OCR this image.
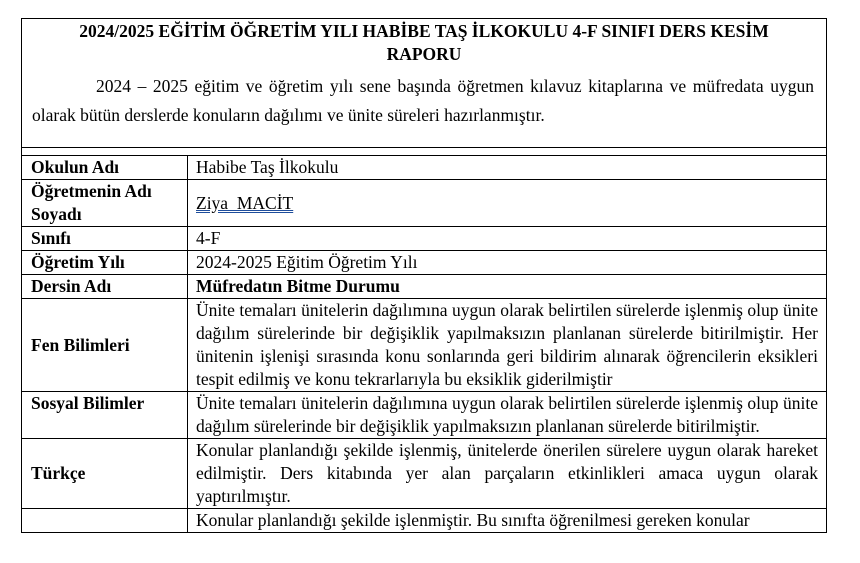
2024/2025 EĞİTİM ÖĞRETİM YILI HABİBE TAŞ İLKOKULU 4-F SINIFI DERS KESİM RAPORU
2024 – 2025 eğitim ve öğretim yılı sene başında öğretmen kılavuz kitaplarına ve müfredata uygun olarak bütün derslerde konuların dağılımı ve ünite süreleri hazırlanmıştır.
Okulun Adı	Habibe Taş İlkokulu
Öğretmenin Adı Soyadı	Ziya  MACİT
Sınıfı	4-F
Öğretim Yılı	2024-2025 Eğitim Öğretim Yılı
Dersin Adı	Müfredatın Bitme Durumu
Fen Bilimleri	Ünite temaları ünitelerin dağılımına uygun olarak belirtilen sürelerde işlenmiş olup ünite dağılım sürelerinde bir değişiklik yapılmaksızın planlanan sürelerde bitirilmiştir. Her ünitenin işlenişi sırasında konu sonlarında geri bildirim alınarak öğrencilerin eksikleri tespit edilmiş ve konu tekrarlarıyla bu eksiklik giderilmiştir
Sosyal Bilimler	Ünite temaları ünitelerin dağılımına uygun olarak belirtilen sürelerde işlenmiş olup ünite dağılım sürelerinde bir değişiklik yapılmaksızın planlanan sürelerde bitirilmiştir.
Türkçe	Konular planlandığı şekilde işlenmiş, ünitelerde önerilen sürelere uygun olarak hareket edilmiştir. Ders kitabında yer alan parçaların etkinlikleri amaca uygun olarak yaptırılmıştır.
	Konular planlandığı şekilde işlenmiştir. Bu sınıfta öğrenilmesi gereken konular
